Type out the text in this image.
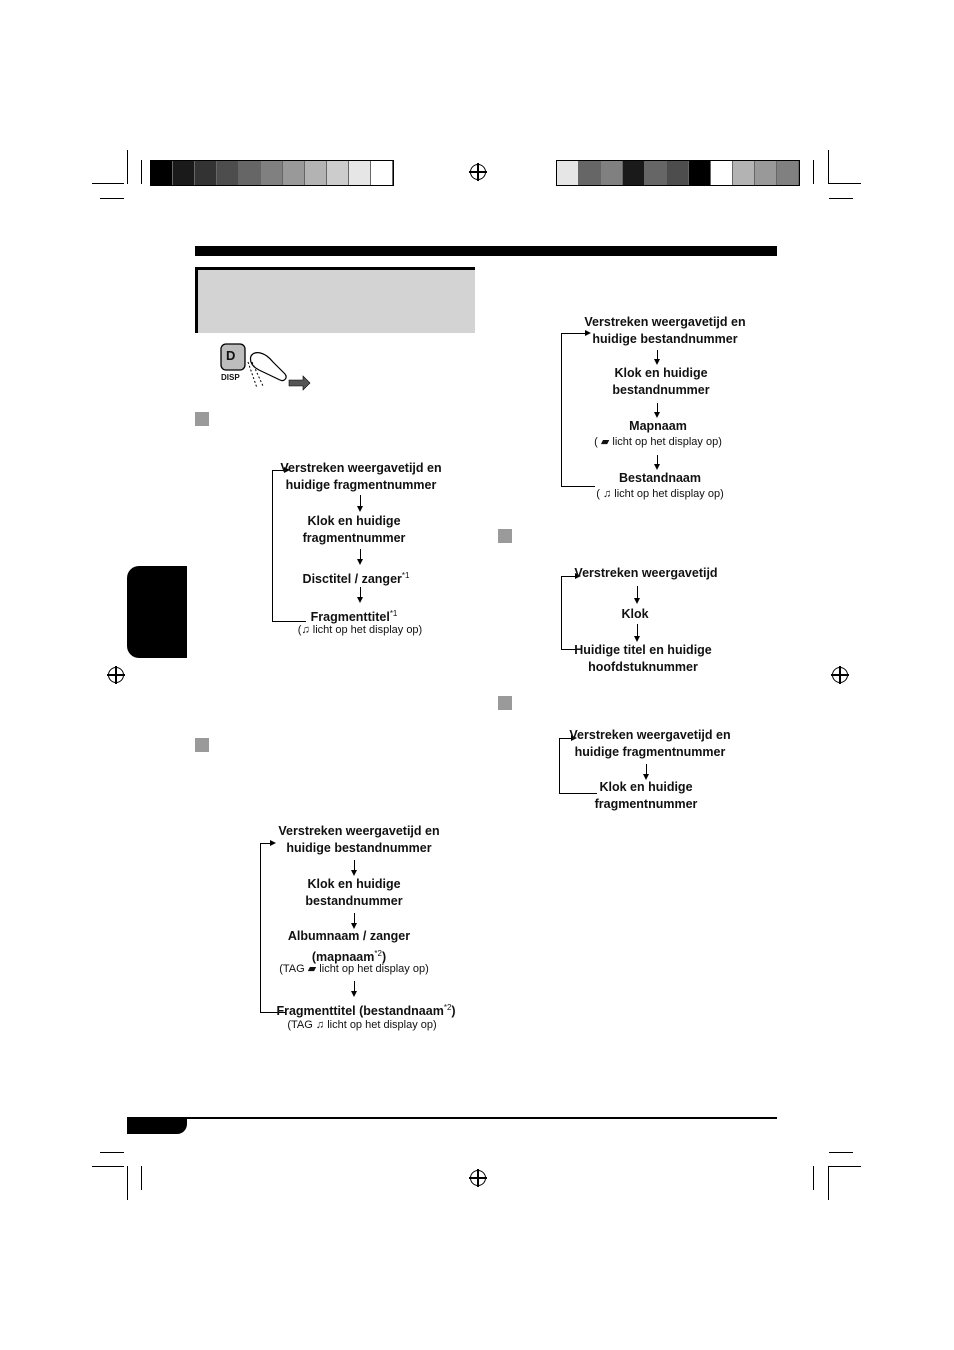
D
DISP
Verstreken weergavetijd en
huidige fragmentnummer
Klok en huidige
fragmentnummer
Disctitel / zanger$^{*1}$
Fragmenttitel$^{*1}$
(♫ licht op het display op)
Verstreken weergavetijd en
huidige bestandnummer
Klok en huidige
bestandnummer
Albumnaam / zanger
(mapnaam$^{*2}$)
(TAG ▰ licht op het display op)
Fragmenttitel (bestandnaam$^{*2}$)
(TAG ♫ licht op het display op)
Verstreken weergavetijd en
huidige bestandnummer
Klok en huidige
bestandnummer
Mapnaam
( ▰ licht op het display op)
Bestandnaam
( ♫ licht op het display op)
Verstreken weergavetijd
Klok
Huidige titel en huidige
hoofdstuknummer
Verstreken weergavetijd en
huidige fragmentnummer
Klok en huidige
fragmentnummer
